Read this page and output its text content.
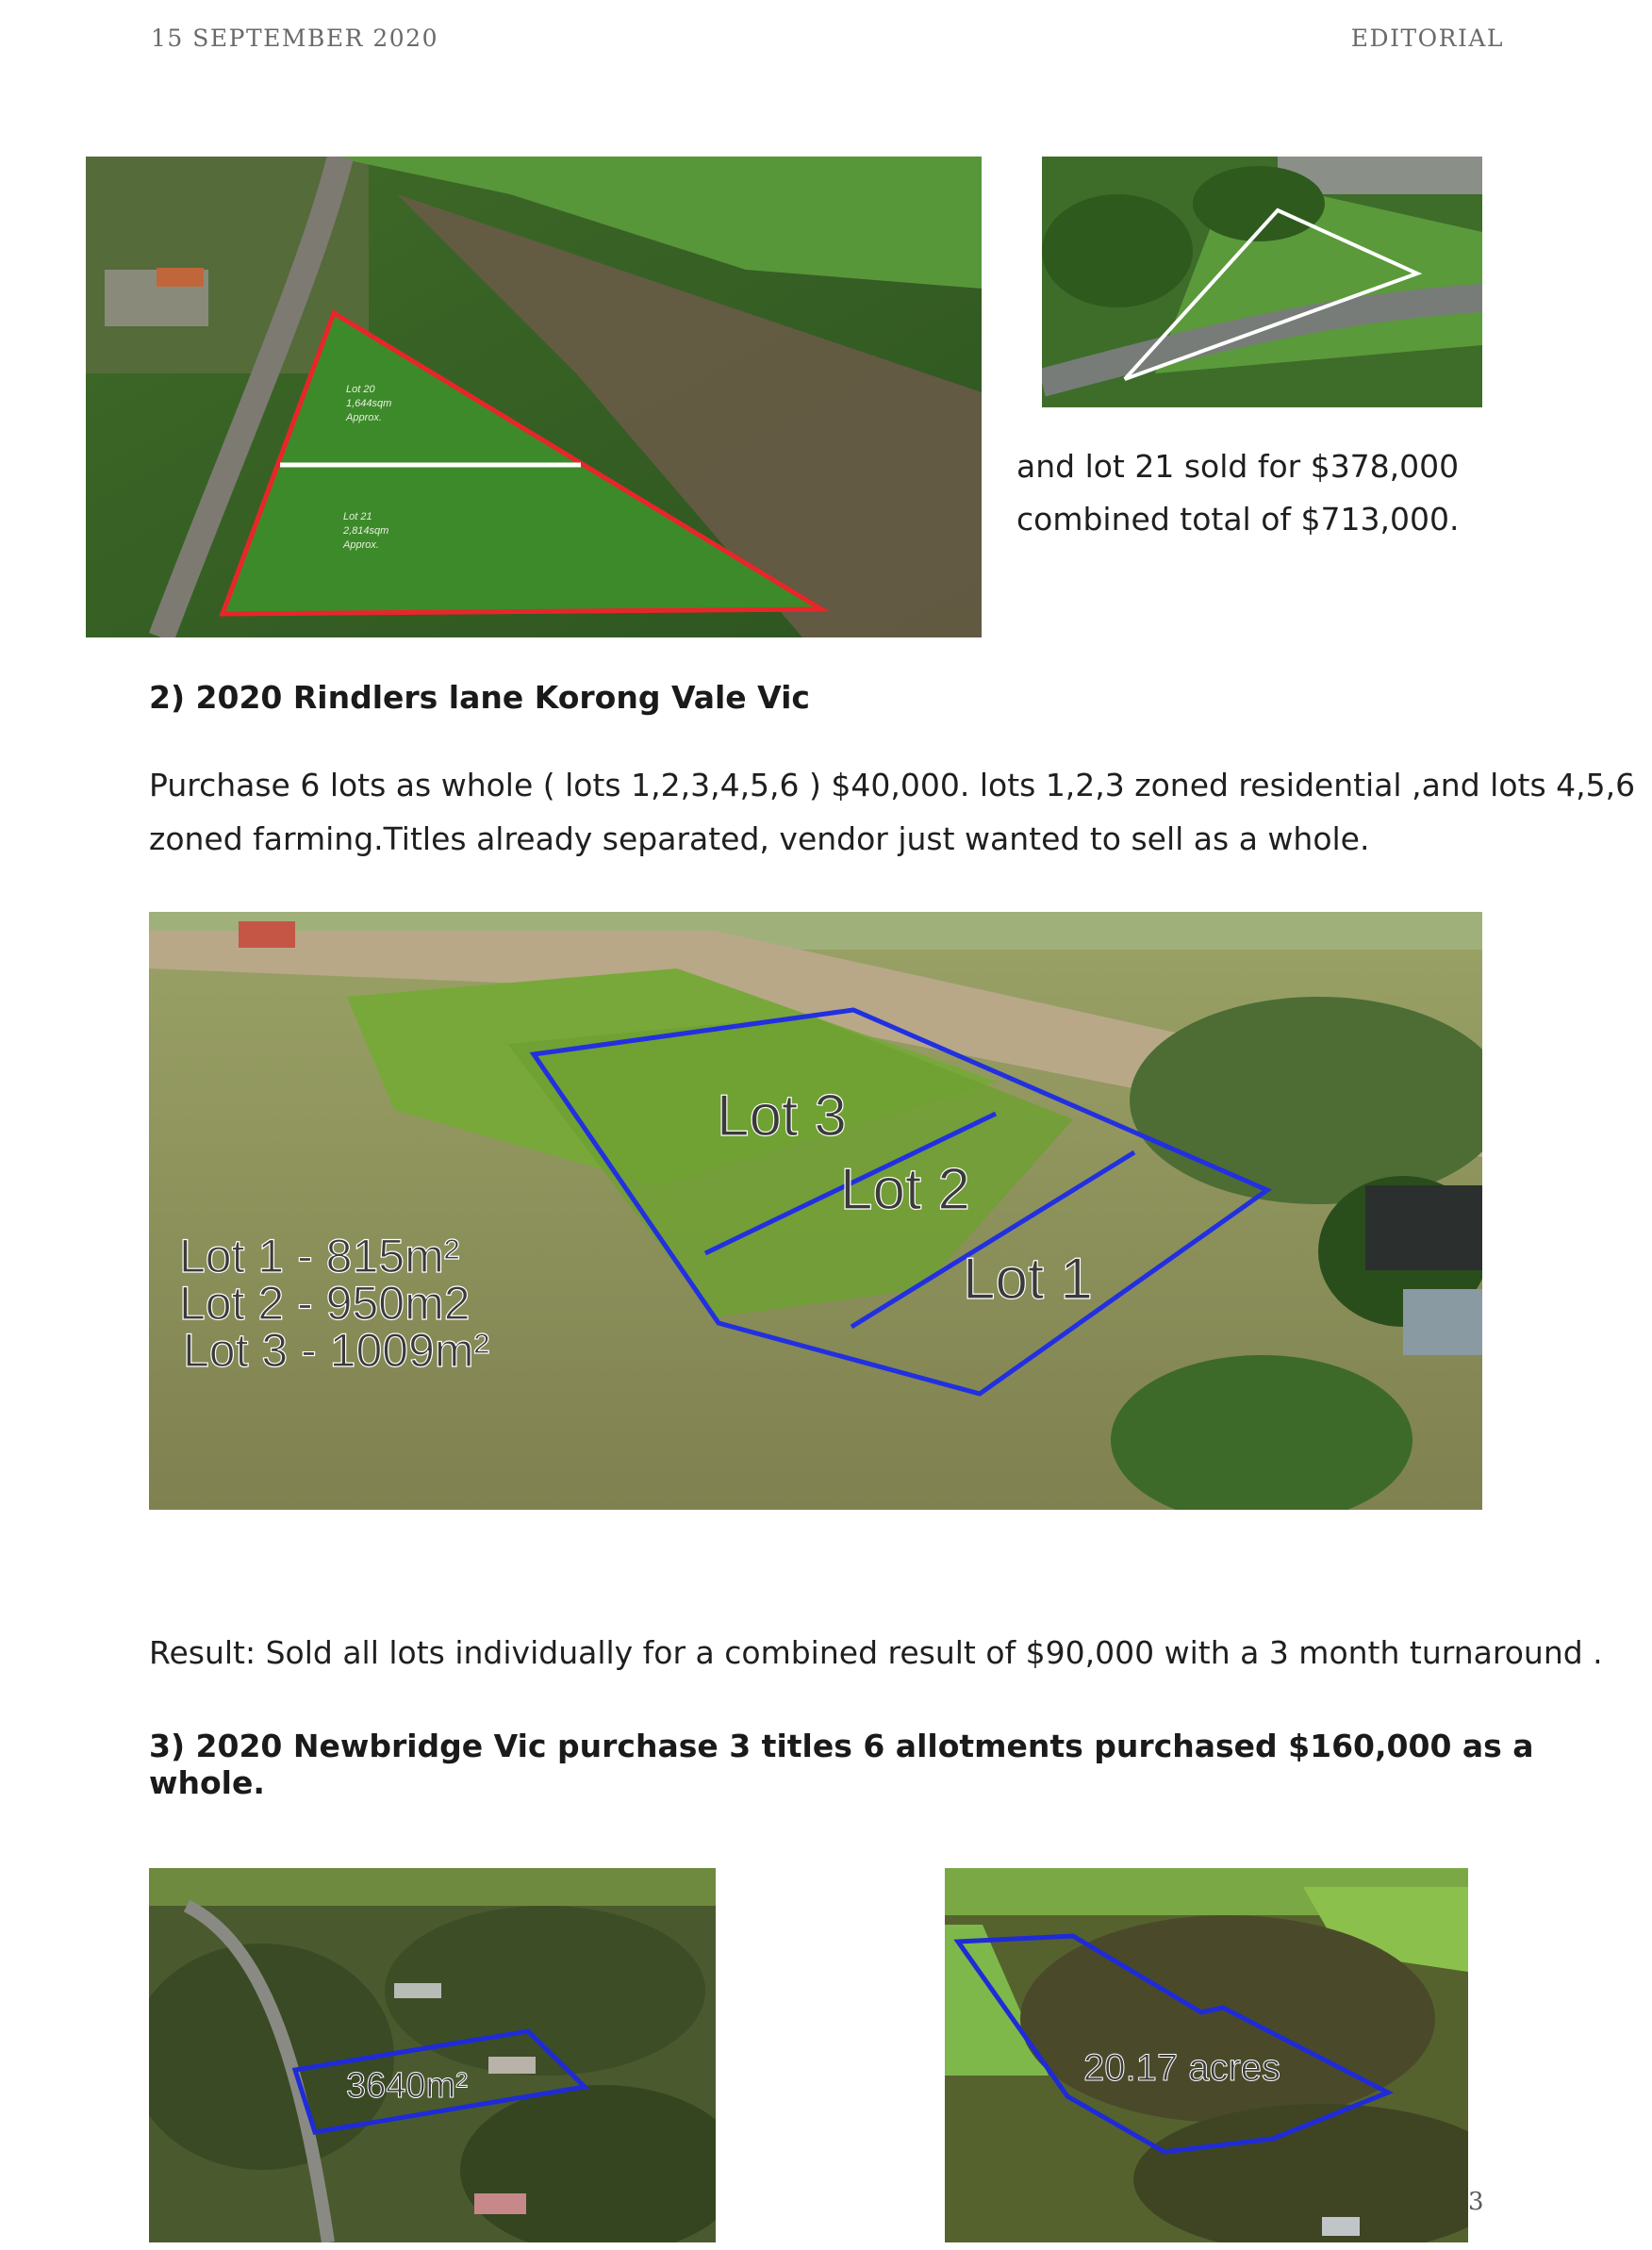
15 SEPTEMBER 2020	EDITORIAL
Lot 20
1,644sqm
Approx.
Lot 21
2,814sqm
Approx.
and lot 21 sold for $378,000
combined total of $713,000.
2) 2020 Rindlers lane Korong Vale Vic
Purchase 6 lots as whole ( lots 1,2,3,4,5,6 ) $40,000. lots 1,2,3 zoned residential ,and lots 4,5,6
zoned farming.Titles already separated, vendor just wanted to sell as a whole.
Lot 3
Lot 2
Lot 1
Lot 1 - 815m²
Lot 2 - 950m2
Lot 3 - 1009m²
Result: Sold all lots individually for a combined result of $90,000 with a 3 month turnaround .
3) 2020 Newbridge Vic purchase 3 titles 6 allotments purchased $160,000 as a whole.
3640m²	20.17 acres
3
